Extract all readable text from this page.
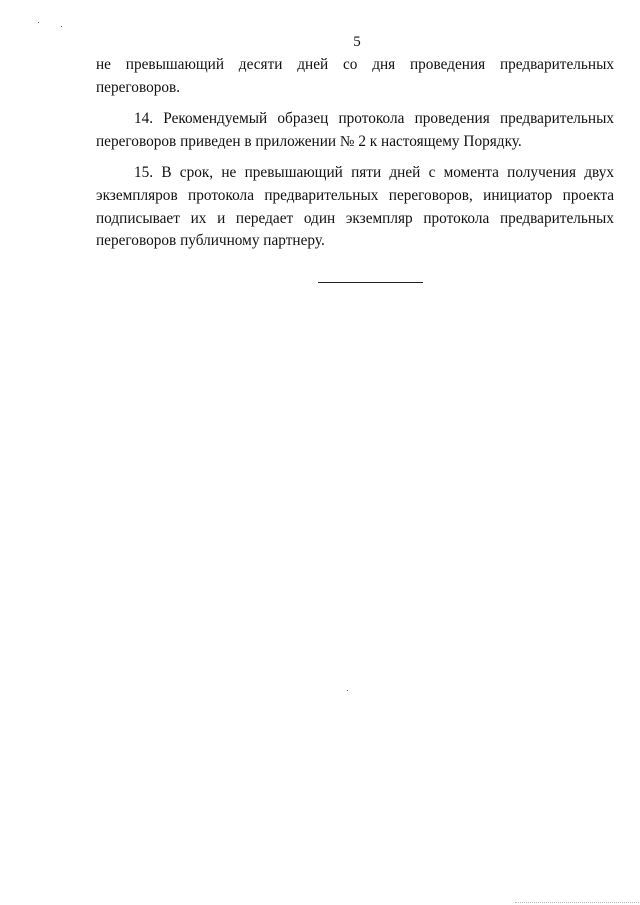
5

не превышающий десяти дней со дня проведения предварительных переговоров.

14. Рекомендуемый образец протокола проведения предварительных переговоров приведен в приложении № 2 к настоящему Порядку.

15. В срок, не превышающий пяти дней с момента получения двух экземпляров протокола предварительных переговоров, инициатор проекта подписывает их и передает один экземпляр протокола предварительных переговоров публичному партнеру.
